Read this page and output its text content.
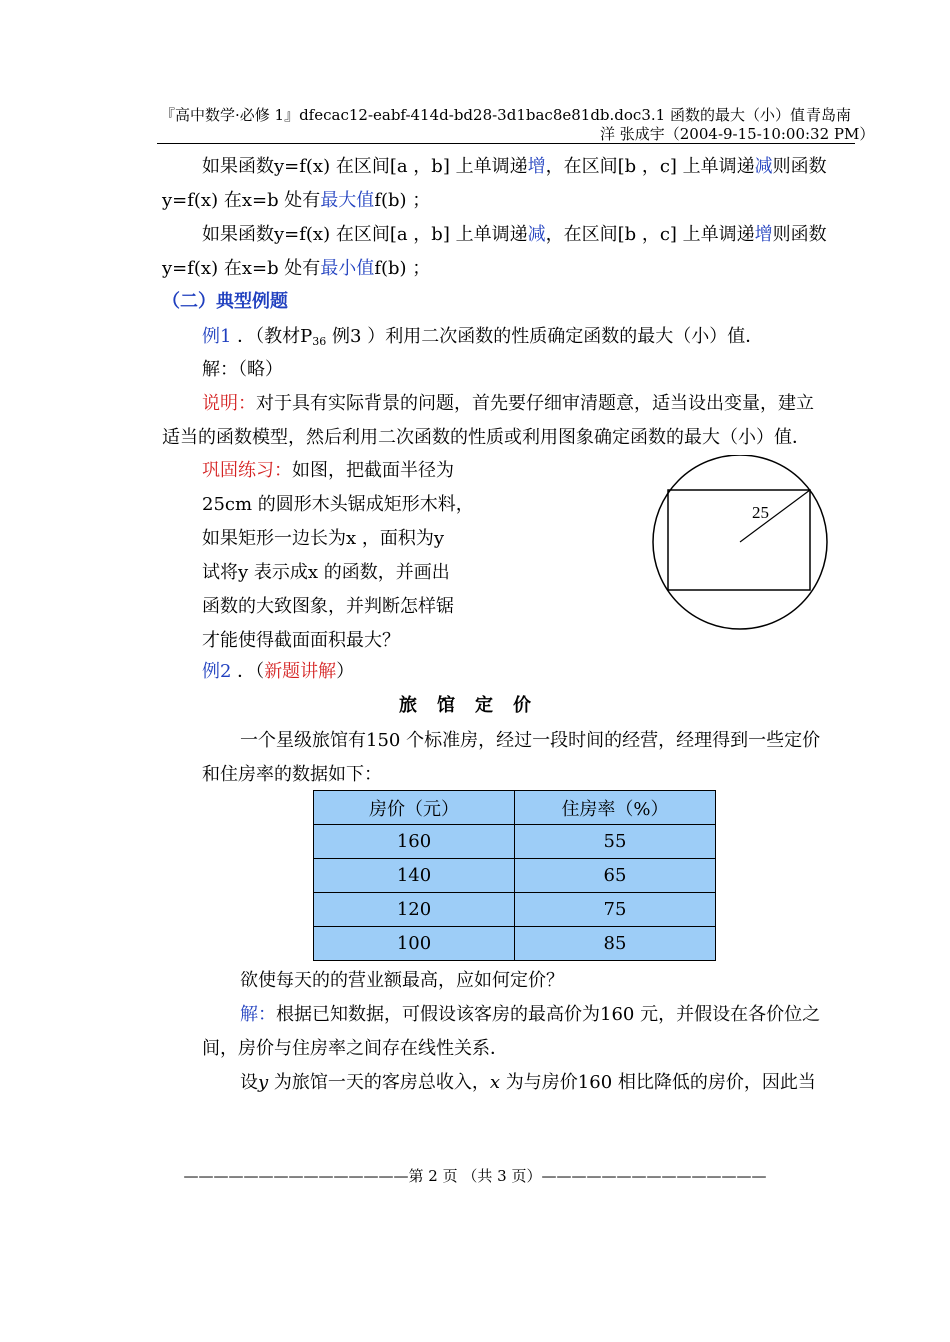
『高中数学·必修 1』dfecac12-eabf-414d-bd28-3d1bac8e81db.doc3.1 函数的最大（小）值 青岛南
洋 张成宇（2004-9-15-10:00:32 PM）
如果函数y=f(x) 在区间[a ，b] 上单调递增，在区间[b ，c] 上单调递减则函数
y=f(x) 在x=b 处有最大值f(b) ；
如果函数y=f(x) 在区间[a ，b] 上单调递减，在区间[b ，c] 上单调递增则函数
y=f(x) 在x=b 处有最小值f(b) ；
（二）典型例题
例1 ．（教材$P_{36}$ 例3 ）利用二次函数的性质确定函数的最大（小）值．
解：（略）
说明：对于具有实际背景的问题，首先要仔细审清题意，适当设出变量，建立
适当的函数模型，然后利用二次函数的性质或利用图象确定函数的最大（小）值．
巩固练习：如图，把截面半径为
25cm 的圆形木头锯成矩形木料，
如果矩形一边长为x ，面积为y
试将y 表示成x 的函数，并画出
函数的大致图象，并判断怎样锯
才能使得截面面积最大？
25
例2 ．（新题讲解）
旅馆定价
一个星级旅馆有150 个标准房，经过一段时间的经营，经理得到一些定价
和住房率的数据如下：
房价（元）	住房率（%）
160	55
140	65
120	75
100	85
欲使每天的的营业额最高，应如何定价？
解：根据已知数据，可假设该客房的最高价为160 元，并假设在各价位之
间，房价与住房率之间存在线性关系．
设y 为旅馆一天的客房总收入，x 为与房价160 相比降低的房价，因此当
———————————————第 2 页 （共 3 页）———————————————
